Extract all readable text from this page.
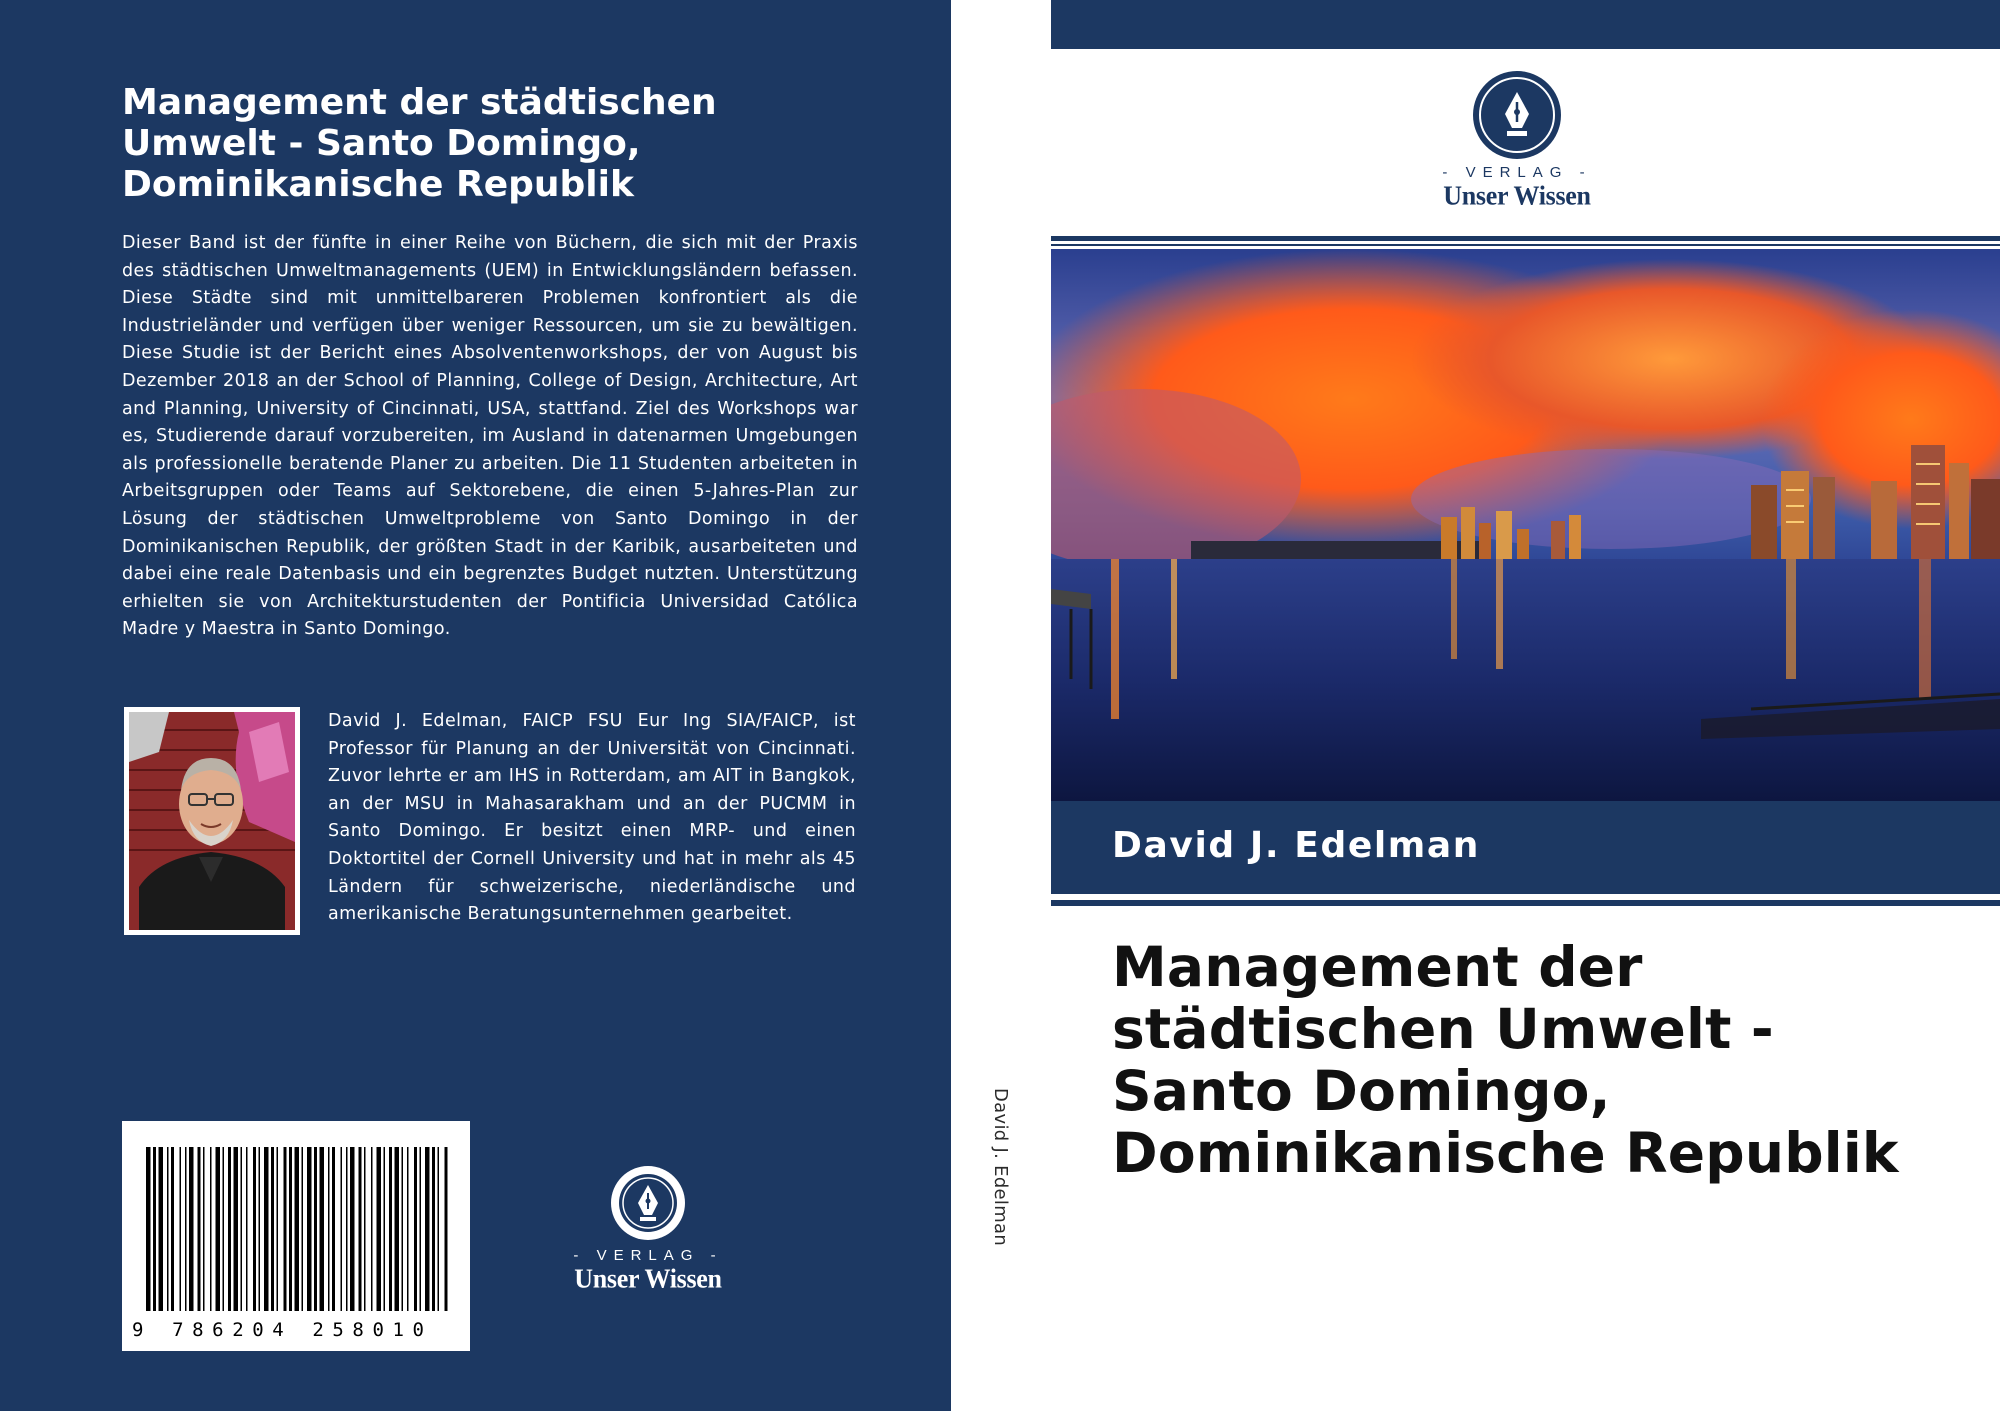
Management der städtischen Umwelt - Santo Domingo, Dominikanische Republik

Dieser Band ist der fünfte in einer Reihe von Büchern, die sich mit der Praxis des städtischen Umweltmanagements (UEM) in Entwicklungsländern befassen. Diese Städte sind mit unmittelbareren Problemen konfrontiert als die Industrieländer und verfügen über weniger Ressourcen, um sie zu bewältigen. Diese Studie ist der Bericht eines Absolventenworkshops, der von August bis Dezember 2018 an der School of Planning, College of Design, Architecture, Art and Planning, University of Cincinnati, USA, stattfand. Ziel des Workshops war es, Studierende darauf vorzubereiten, im Ausland in datenarmen Umgebungen als professionelle beratende Planer zu arbeiten. Die 11 Studenten arbeiteten in Arbeitsgruppen oder Teams auf Sektorebene, die einen 5-Jahres-Plan zur Lösung der städtischen Umweltprobleme von Santo Domingo in der Dominikanischen Republik, der größten Stadt in der Karibik, ausarbeiteten und dabei eine reale Datenbasis und ein begrenztes Budget nutzten. Unterstützung erhielten sie von Architekturstudenten der Pontificia Universidad Católica Madre y Maestra in Santo Domingo.

David J. Edelman, FAICP FSU Eur Ing SIA/FAICP, ist Professor für Planung an der Universität von Cincinnati. Zuvor lehrte er am IHS in Rotterdam, am AIT in Bangkok, an der MSU in Mahasarakham und an der PUCMM in Santo Domingo. Er besitzt einen MRP- und einen Doktortitel der Cornell University und hat in mehr als 45 Ländern für schweizerische, niederländische und amerikanische Beratungsunternehmen gearbeitet.

9 786204 258010
- VERLAG -
Unser Wissen
David J. Edelman
- VERLAG -
Unser Wissen
David J. Edelman
Management der städtischen Umwelt - Santo Domingo, Dominikanische Republik
